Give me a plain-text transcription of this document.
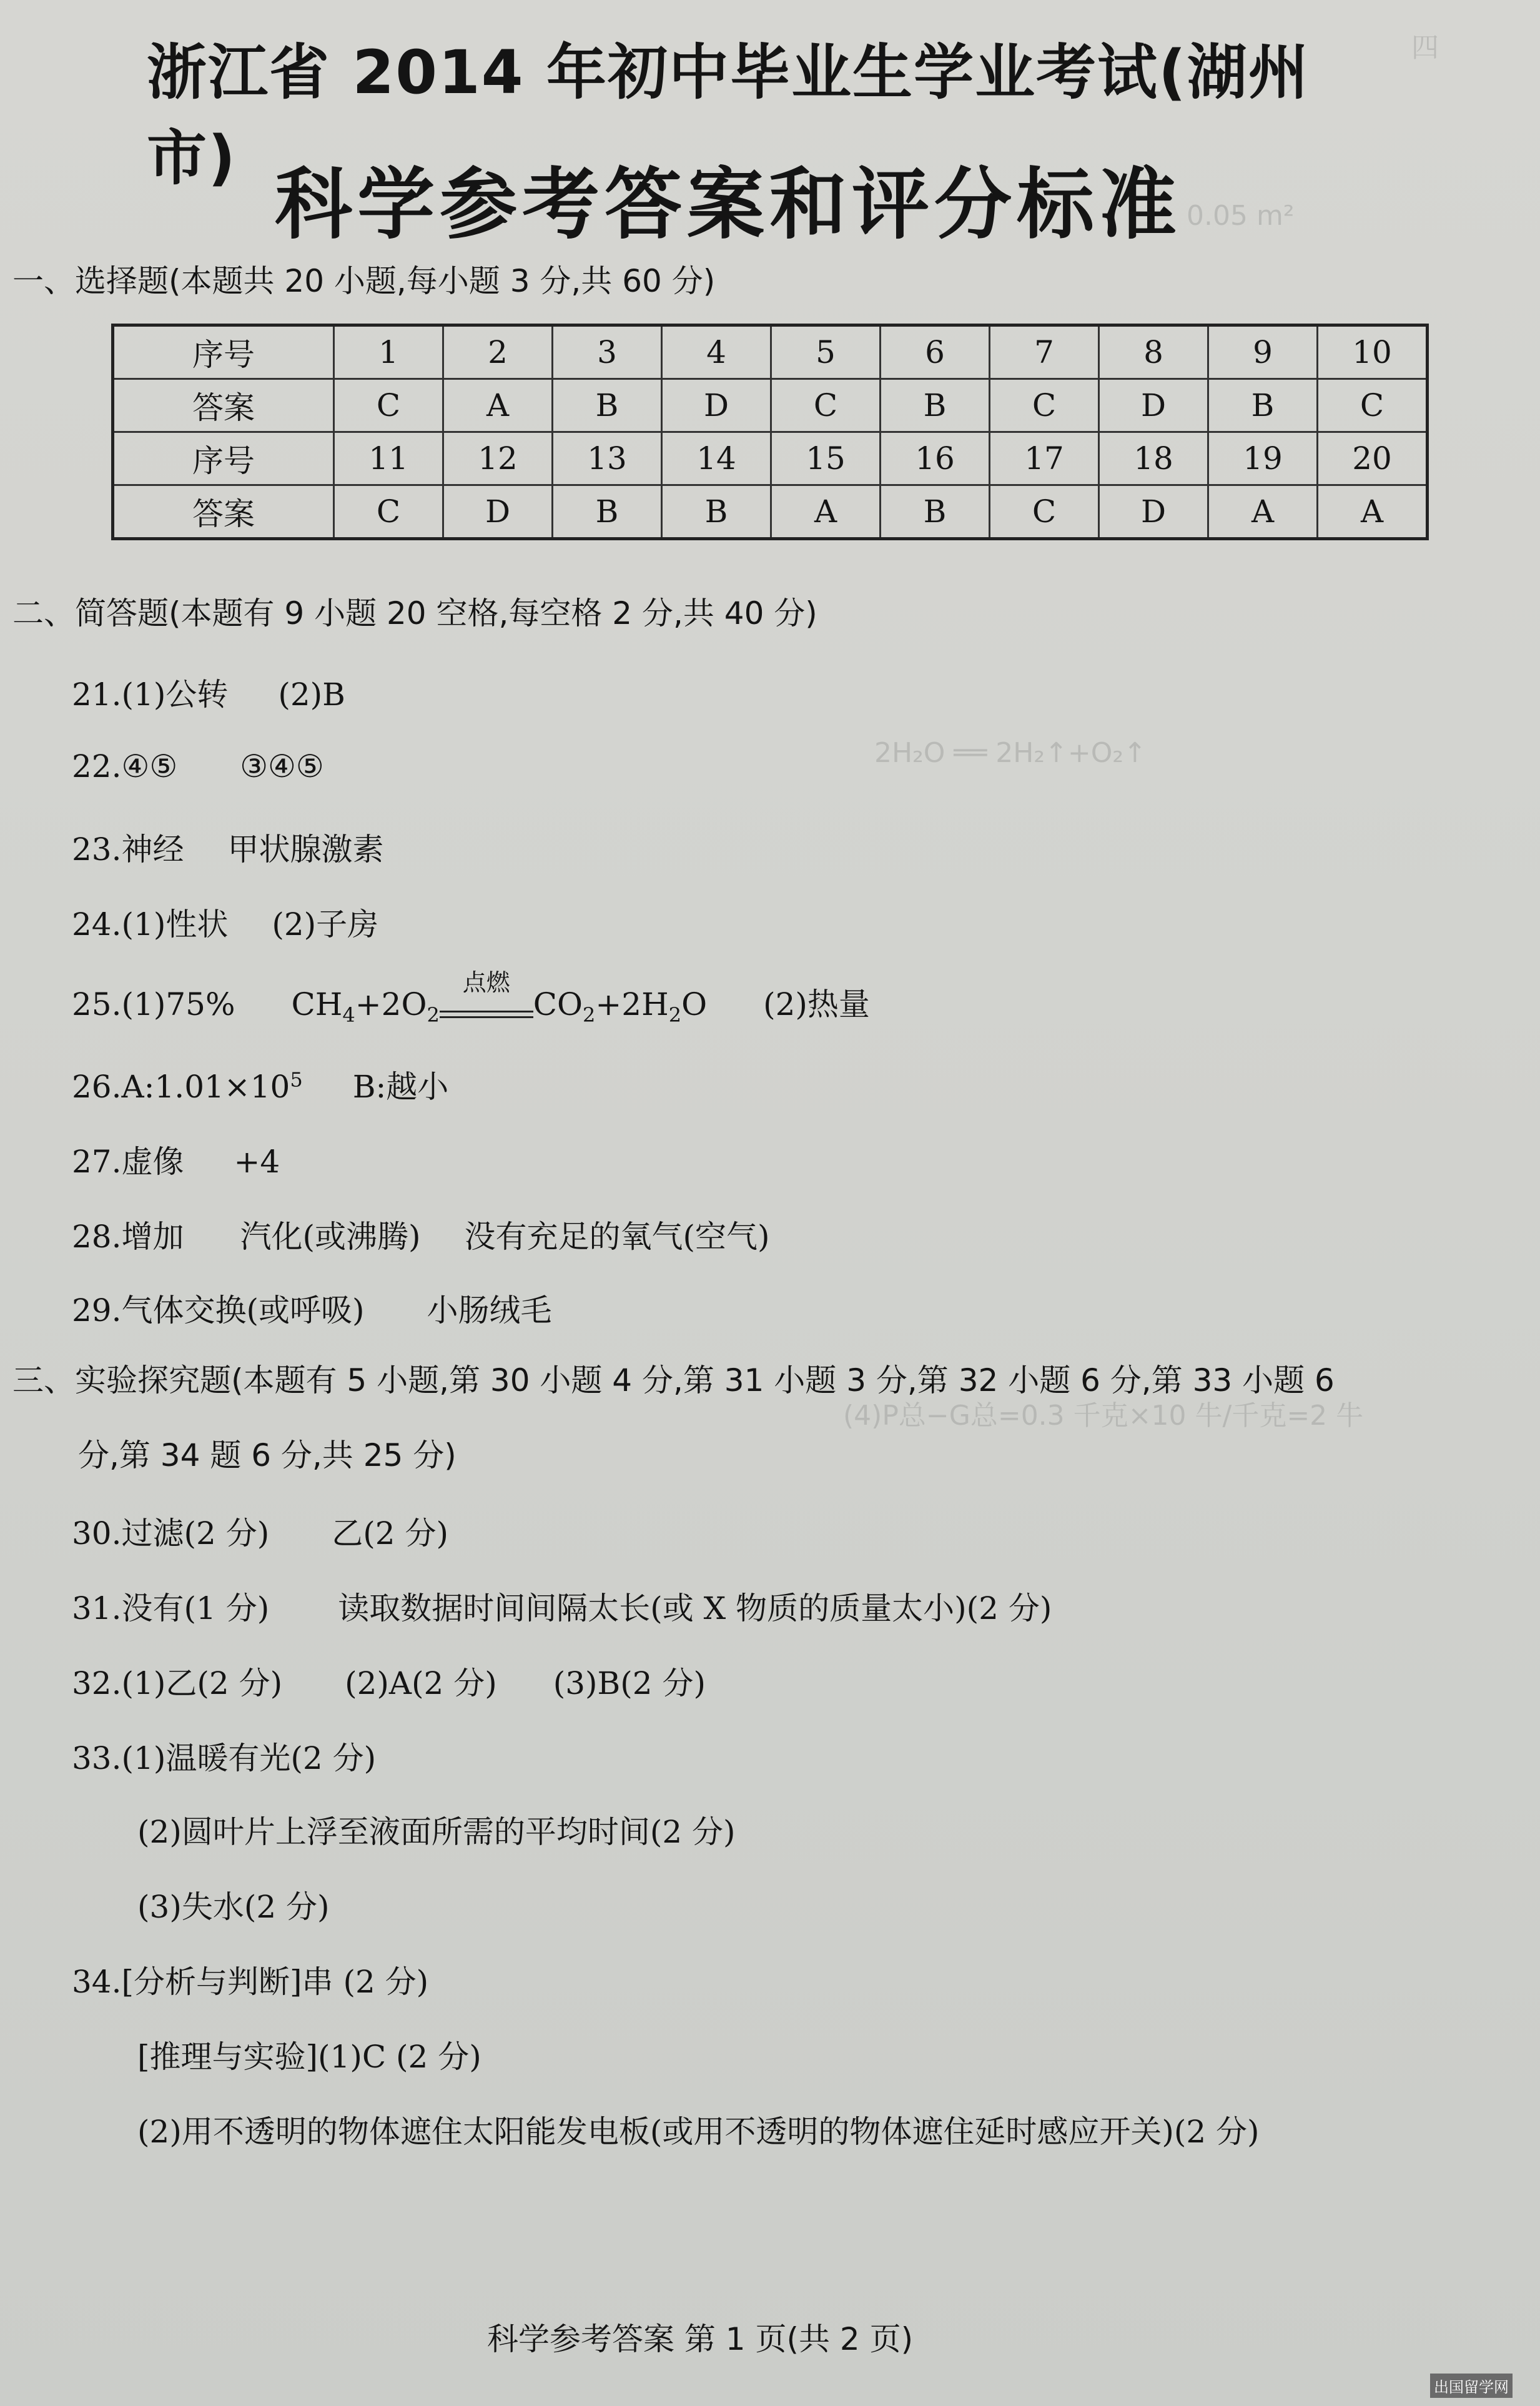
四
0.05 m²
2H₂O ══ 2H₂↑+O₂↑
(4)P总−G总=0.3 千克×10 牛/千克=2 牛
浙江省 2014 年初中毕业生学业考试(湖州市)
科学参考答案和评分标准
一、选择题(本题共 20 小题,每小题 3 分,共 60 分)
序号	1	2	3	4	5	6	7	8	9	10
答案	C	A	B	D	C	B	C	D	B	C
序号	11	12	13	14	15	16	17	18	19	20
答案	C	D	B	B	A	B	C	D	A	A
二、简答题(本题有 9 小题 20 空格,每空格 2 分,共 40 分)
21.(1)公转 (2)B
22.④⑤ ③④⑤
23.神经 甲状腺激素
24.(1)性状 (2)子房
25.(1)75% $CH_4+2O_2$
点燃
$CO_2+2H_2O$ (2)热量
$26.A:1.01\times 10^5$ B:越小
27.虚像 +4
28.增加 汽化(或沸腾) 没有充足的氧气(空气)
29.气体交换(或呼吸) 小肠绒毛
三、实验探究题(本题有 5 小题,第 30 小题 4 分,第 31 小题 3 分,第 32 小题 6 分,第 33 小题 6
分,第 34 题 6 分,共 25 分)
30.过滤(2 分) 乙(2 分)
31.没有(1 分) 读取数据时间间隔太长(或 X 物质的质量太小)(2 分)
32.(1)乙(2 分) (2)A(2 分) (3)B(2 分)
33.(1)温暖有光(2 分)
(2)圆叶片上浮至液面所需的平均时间(2 分)
(3)失水(2 分)
34.[分析与判断]串 (2 分)
[推理与实验](1)C (2 分)
(2)用不透明的物体遮住太阳能发电板(或用不透明的物体遮住延时感应开关)(2 分)
科学参考答案 第 1 页(共 2 页)
出国留学网
